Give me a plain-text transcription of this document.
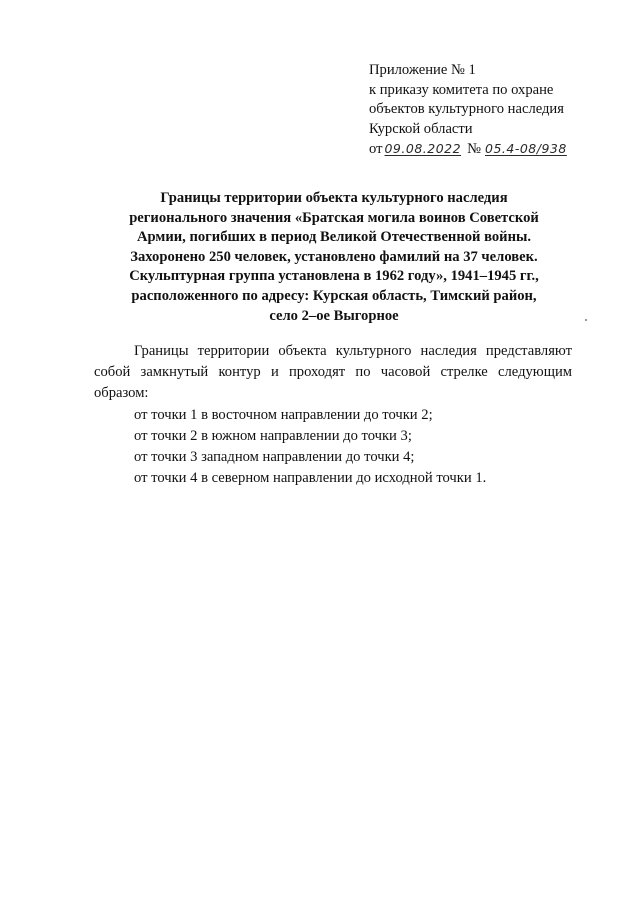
Приложение № 1
к приказу комитета по охране
объектов культурного наследия
Курской области
от 09.08.2022 № 05.4-08/938
Границы территории объекта культурного наследия
регионального значения «Братская могила воинов Советской
Армии, погибших в период Великой Отечественной войны.
Захоронено 250 человек, установлено фамилий на 37 человек.
Скульптурная группа установлена в 1962 году», 1941–1945 гг.,
расположенного по адресу: Курская область, Тимский район,
село 2–ое Выгорное

Границы территории объекта культурного наследия представляют собой замкнутый контур и проходят по часовой стрелке следующим образом:

от точки 1 в восточном направлении до точки 2;

от точки 2 в южном направлении до точки 3;

от точки 3 западном направлении до точки 4;

от точки 4 в северном направлении до исходной точки 1.
